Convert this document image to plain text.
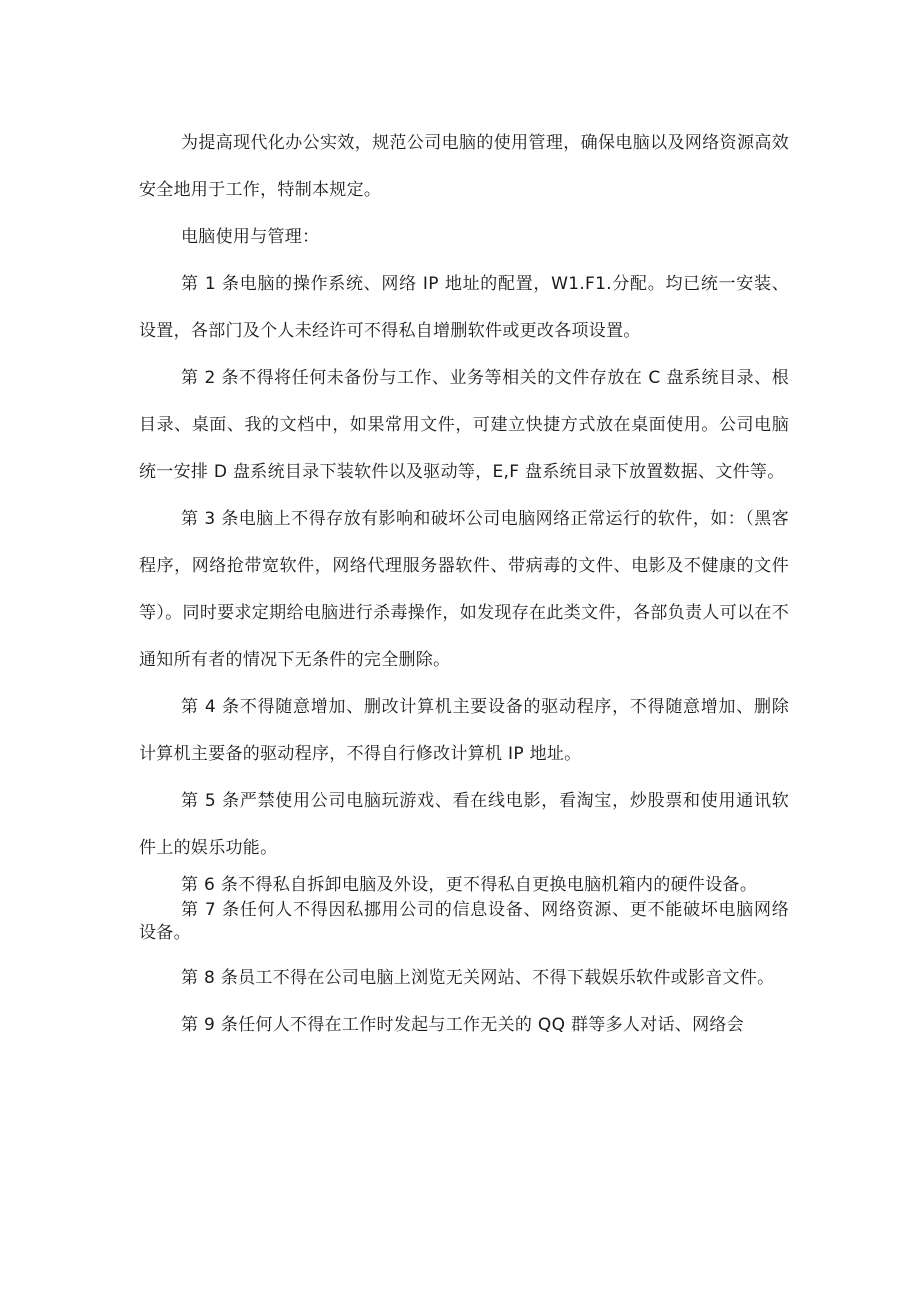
为提高现代化办公实效，规范公司电脑的使用管理，确保电脑以及网络资源高效安全地用于工作，特制本规定。

电脑使用与管理：

第 1 条电脑的操作系统、网络 IP 地址的配置，W1.F1.分配。均已统一安装、设置，各部门及个人未经许可不得私自增删软件或更改各项设置。

第 2 条不得将任何未备份与工作、业务等相关的文件存放在 C 盘系统目录、根目录、桌面、我的文档中，如果常用文件，可建立快捷方式放在桌面使用。公司电脑统一安排 D 盘系统目录下装软件以及驱动等，E,F 盘系统目录下放置数据、文件等。

第 3 条电脑上不得存放有影响和破坏公司电脑网络正常运行的软件，如：（黑客程序，网络抢带宽软件，网络代理服务器软件、带病毒的文件、电影及不健康的文件等）。同时要求定期给电脑进行杀毒操作，如发现存在此类文件，各部负责人可以在不通知所有者的情况下无条件的完全删除。

第 4 条不得随意增加、删改计算机主要设备的驱动程序，不得随意增加、删除计算机主要备的驱动程序，不得自行修改计算机 IP 地址。

第 5 条严禁使用公司电脑玩游戏、看在线电影，看淘宝，炒股票和使用通讯软件上的娱乐功能。

第 6 条不得私自拆卸电脑及外设，更不得私自更换电脑机箱内的硬件设备。

第 7 条任何人不得因私挪用公司的信息设备、网络资源、更不能破坏电脑网络设备。

第 8 条员工不得在公司电脑上浏览无关网站、不得下载娱乐软件或影音文件。

第 9 条任何人不得在工作时发起与工作无关的 QQ 群等多人对话、网络会
